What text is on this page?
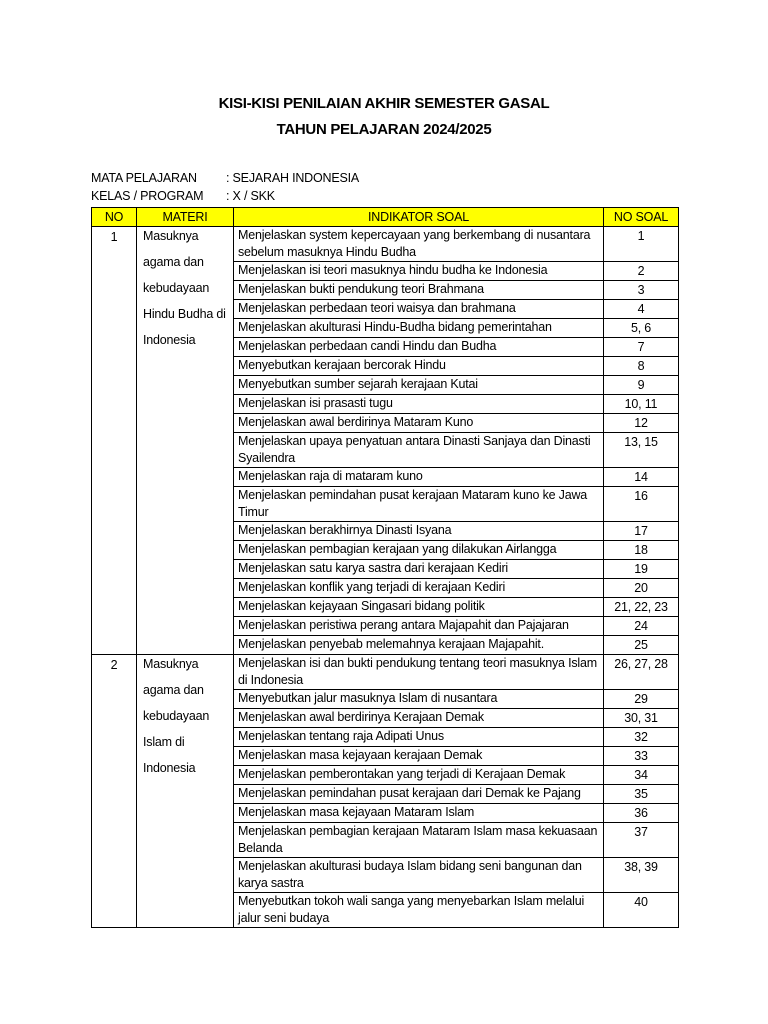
KISI-KISI PENILAIAN AKHIR SEMESTER GASAL
TAHUN PELAJARAN 2024/2025
MATA PELAJARAN	: SEJARAH INDONESIA
KELAS / PROGRAM	: X / SKK
NO	MATERI	INDIKATOR SOAL	NO SOAL
1	Masuknya agama dan kebudayaan Hindu Budha di Indonesia	Menjelaskan system kepercayaan yang berkembang di nusantara sebelum masuknya Hindu Budha	1
		Menjelaskan isi teori masuknya hindu budha ke Indonesia	2
		Menjelaskan bukti pendukung teori Brahmana	3
		Menjelaskan perbedaan teori waisya dan brahmana	4
		Menjelaskan akulturasi Hindu-Budha bidang pemerintahan	5, 6
		Menjelaskan perbedaan candi Hindu dan Budha	7
		Menyebutkan kerajaan bercorak Hindu	8
		Menyebutkan sumber sejarah kerajaan Kutai	9
		Menjelaskan isi prasasti tugu	10, 11
		Menjelaskan awal berdirinya Mataram Kuno	12
		Menjelaskan upaya penyatuan antara Dinasti Sanjaya dan Dinasti Syailendra	13, 15
		Menjelaskan raja di mataram kuno	14
		Menjelaskan pemindahan pusat kerajaan Mataram kuno ke Jawa Timur	16
		Menjelaskan berakhirnya Dinasti Isyana	17
		Menjelaskan pembagian kerajaan yang dilakukan Airlangga	18
		Menjelaskan satu karya sastra dari kerajaan Kediri	19
		Menjelaskan konflik yang terjadi di kerajaan Kediri	20
		Menjelaskan kejayaan Singasari bidang politik	21, 22, 23
		Menjelaskan peristiwa perang antara Majapahit dan Pajajaran	24
		Menjelaskan penyebab melemahnya kerajaan Majapahit.	25
2	Masuknya agama dan kebudayaan Islam di Indonesia	Menjelaskan isi dan bukti pendukung tentang teori masuknya Islam di Indonesia	26, 27, 28
		Menyebutkan jalur masuknya Islam di nusantara	29
		Menjelaskan awal berdirinya Kerajaan Demak	30, 31
		Menjelaskan tentang raja Adipati Unus	32
		Menjelaskan masa kejayaan kerajaan Demak	33
		Menjelaskan pemberontakan yang terjadi di Kerajaan Demak	34
		Menjelaskan pemindahan pusat kerajaan dari Demak ke Pajang	35
		Menjelaskan masa kejayaan Mataram Islam	36
		Menjelaskan pembagian kerajaan Mataram Islam masa kekuasaan Belanda	37
		Menjelaskan akulturasi budaya Islam bidang seni bangunan dan karya sastra	38, 39
		Menyebutkan tokoh wali sanga yang menyebarkan Islam melalui jalur seni budaya	40
